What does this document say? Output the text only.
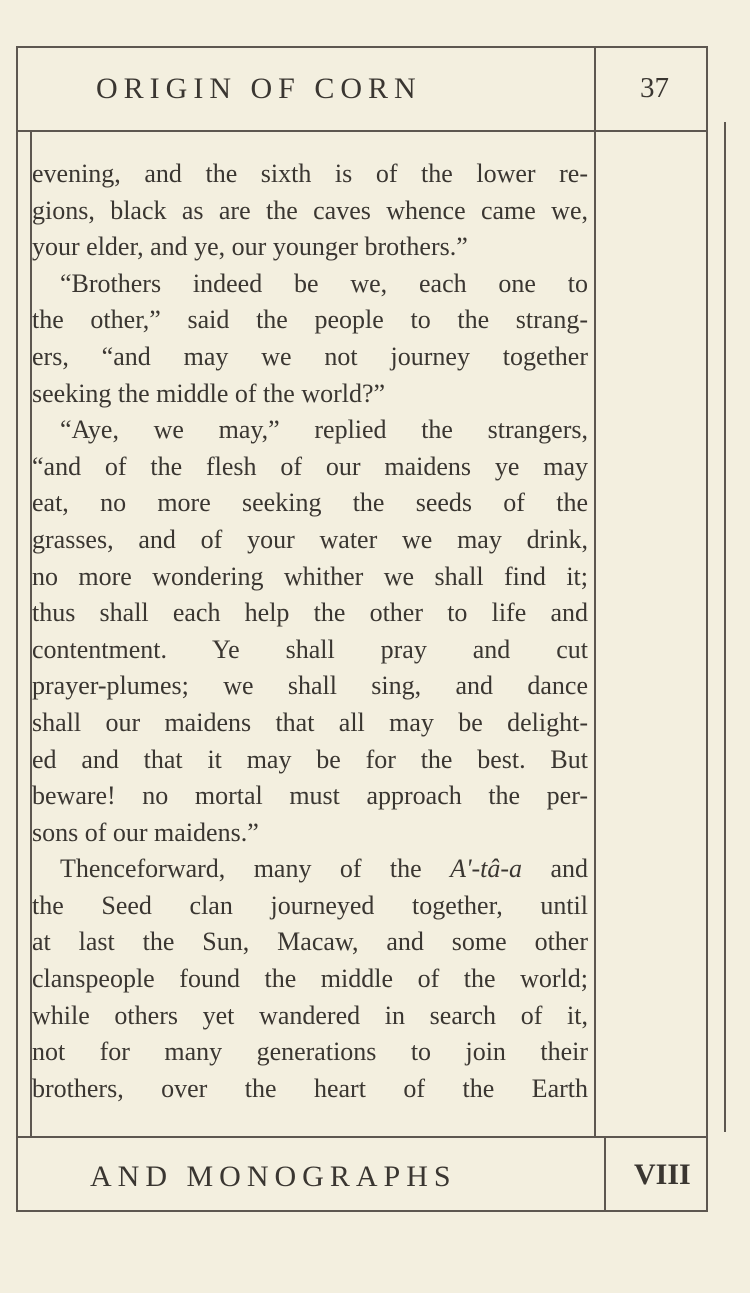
ORIGIN OF CORN	37
evening, and the sixth is of the lower re-
gions, black as are the caves whence came we,
your elder, and ye, our younger brothers.”
“Brothers indeed be we, each one to
the other,” said the people to the strang-
ers, “and may we not journey together
seeking the middle of the world?”
“Aye, we may,” replied the strangers,
“and of the flesh of our maidens ye may
eat, no more seeking the seeds of the
grasses, and of your water we may drink,
no more wondering whither we shall find it;
thus shall each help the other to life and
contentment. Ye shall pray and cut
prayer-plumes; we shall sing, and dance
shall our maidens that all may be delight-
ed and that it may be for the best. But
beware! no mortal must approach the per-
sons of our maidens.”
Thenceforward, many of the A'-tâ-a and
the Seed clan journeyed together, until
at last the Sun, Macaw, and some other
clanspeople found the middle of the world;
while others yet wandered in search of it,
not for many generations to join their
brothers, over the heart of the Earth
AND MONOGRAPHS	VIII
